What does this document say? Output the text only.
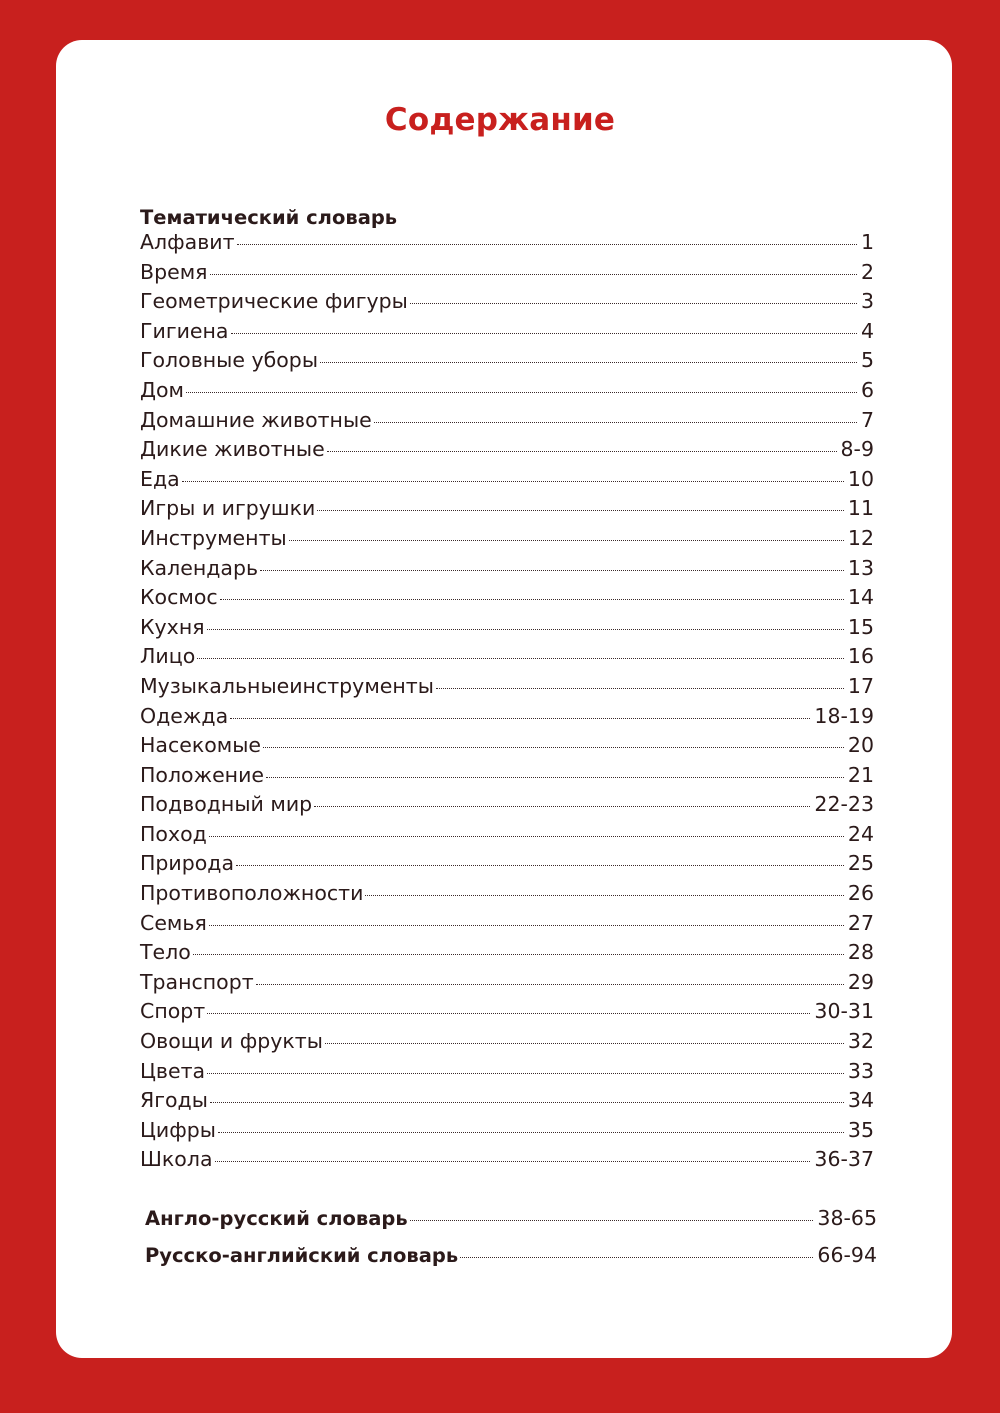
Содержание
Тематический словарь
Алфавит	1
Время	2
Геометрические фигуры	3
Гигиена	4
Головные уборы	5
Дом	6
Домашние животные	7
Дикие животные	8-9
Еда	10
Игры и игрушки	11
Инструменты	12
Календарь	13
Космос	14
Кухня	15
Лицо	16
Музыкальныеинструменты	17
Одежда	18-19
Насекомые	20
Положение	21
Подводный мир	22-23
Поход	24
Природа	25
Противоположности	26
Семья	27
Тело	28
Транспорт	29
Спорт	30-31
Овощи и фрукты	32
Цвета	33
Ягоды	34
Цифры	35
Школа	36-37
Англо-русский словарь	38-65
Русско-английский словарь	66-94
